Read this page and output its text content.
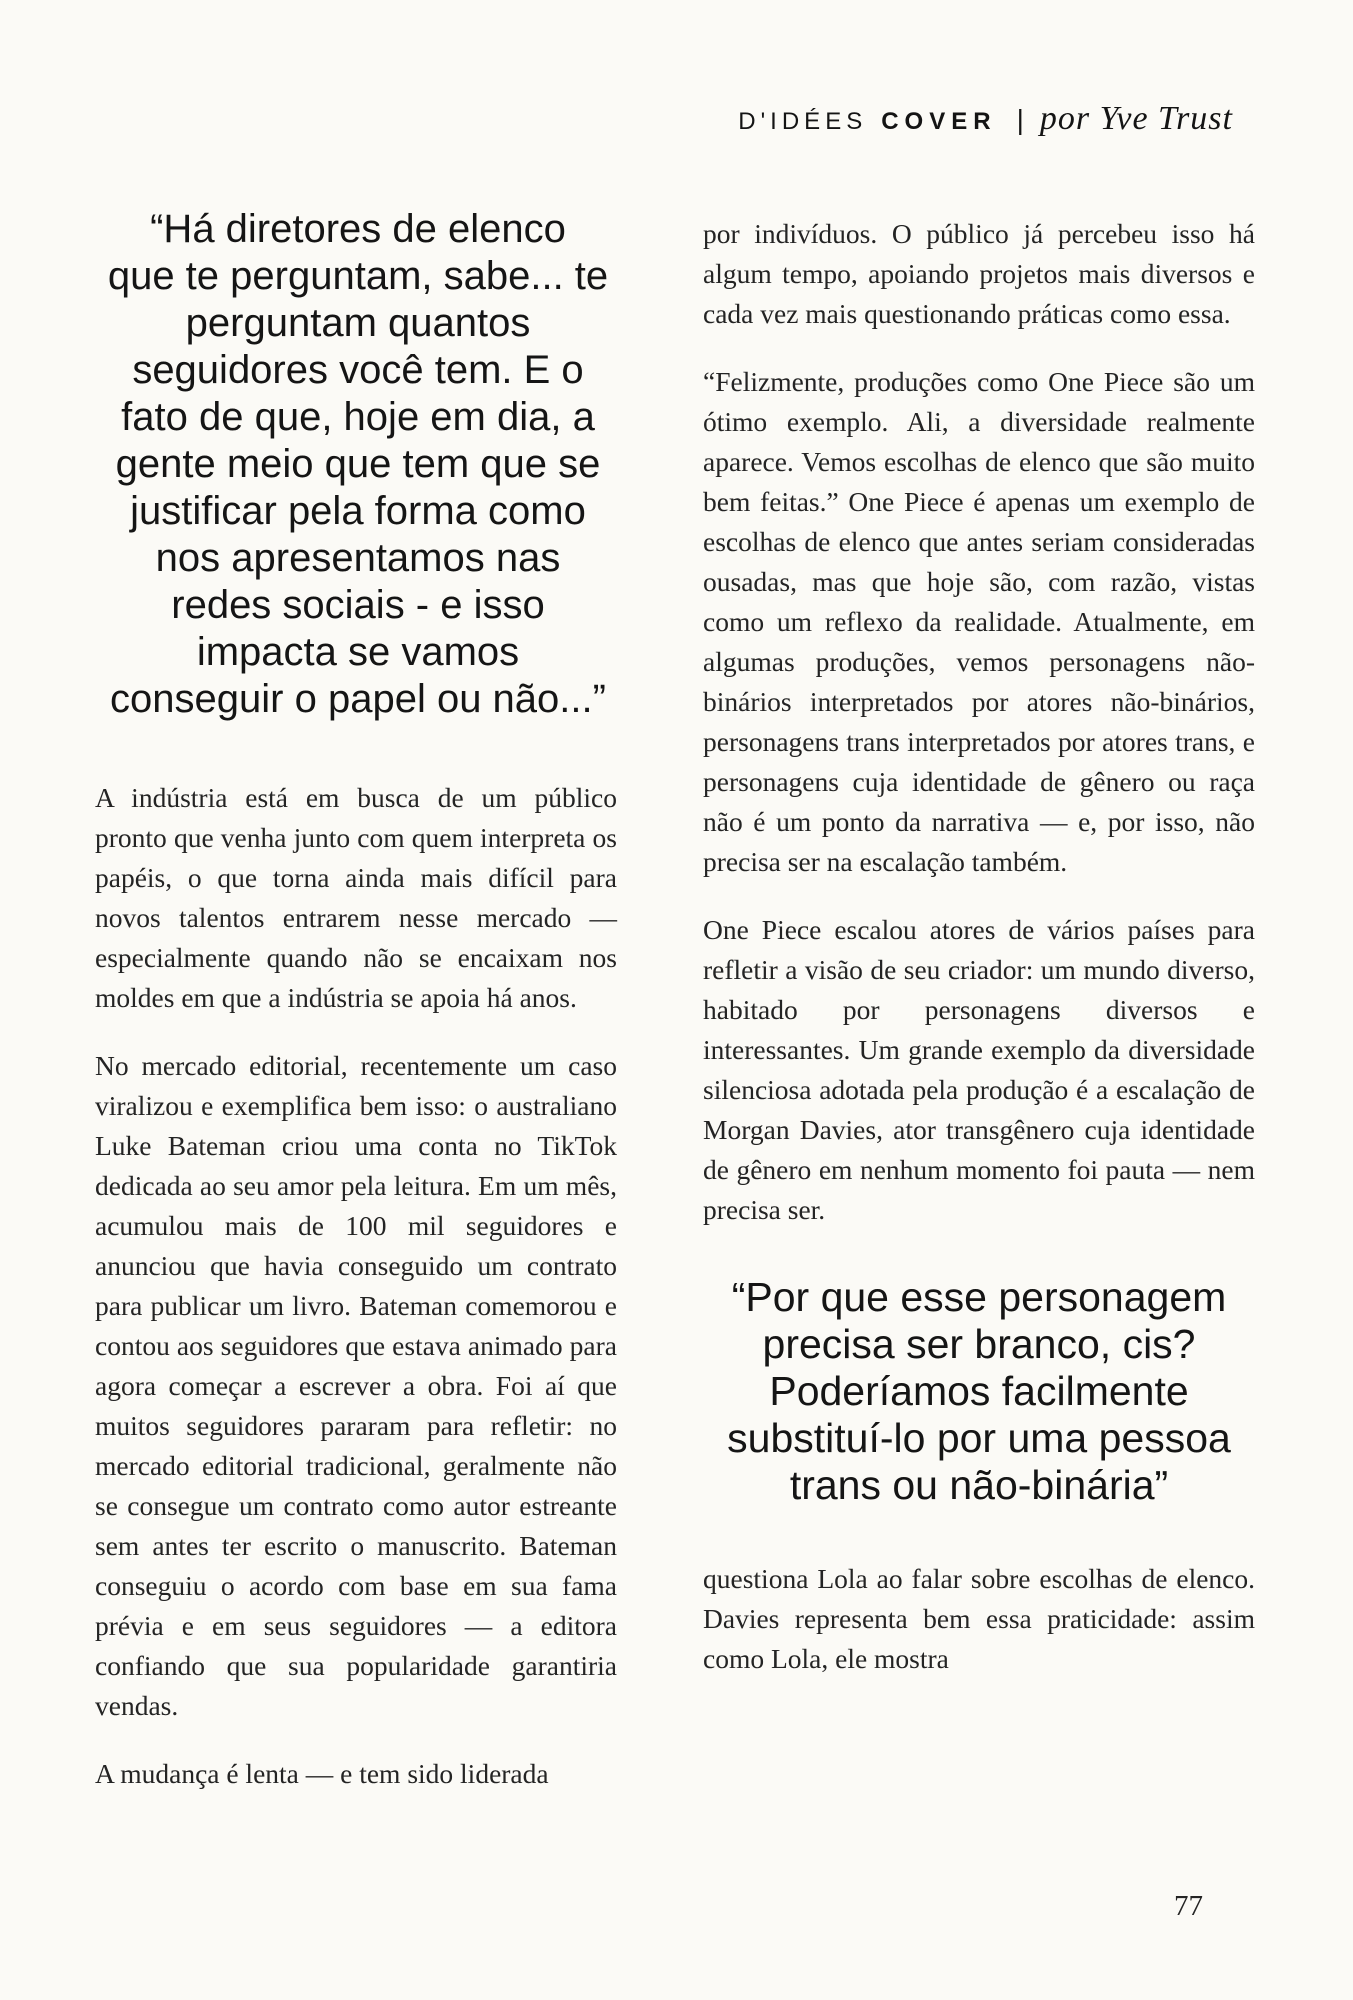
D'IDÉES COVER | por Yve Trust
“Há diretores de elenco
que te perguntam, sabe... te
perguntam quantos
seguidores você tem. E o
fato de que, hoje em dia, a
gente meio que tem que se
justificar pela forma como
nos apresentamos nas
redes sociais - e isso
impacta se vamos
conseguir o papel ou não...”

A indústria está em busca de um público pronto que venha junto com quem interpreta os papéis, o que torna ainda mais difícil para novos talentos entrarem nesse mercado — especialmente quando não se encaixam nos moldes em que a indústria se apoia há anos.

No mercado editorial, recentemente um caso viralizou e exemplifica bem isso: o australiano Luke Bateman criou uma conta no TikTok dedicada ao seu amor pela leitura. Em um mês, acumulou mais de 100 mil seguidores e anunciou que havia conseguido um contrato para publicar um livro. Bateman comemorou e contou aos seguidores que estava animado para agora começar a escrever a obra. Foi aí que muitos seguidores pararam para refletir: no mercado editorial tradicional, geralmente não se consegue um contrato como autor estreante sem antes ter escrito o manuscrito. Bateman conseguiu o acordo com base em sua fama prévia e em seus seguidores — a editora confiando que sua popularidade garantiria vendas.

A mudança é lenta — e tem sido liderada

por indivíduos. O público já percebeu isso há algum tempo, apoiando projetos mais diversos e cada vez mais questionando práticas como essa.

“Felizmente, produções como One Piece são um ótimo exemplo. Ali, a diversidade realmente aparece. Vemos escolhas de elenco que são muito bem feitas.” One Piece é apenas um exemplo de escolhas de elenco que antes seriam consideradas ousadas, mas que hoje são, com razão, vistas como um reflexo da realidade. Atualmente, em algumas produções, vemos personagens não-binários interpretados por atores não-binários, personagens trans interpretados por atores trans, e personagens cuja identidade de gênero ou raça não é um ponto da narrativa — e, por isso, não precisa ser na escalação também.

One Piece escalou atores de vários países para refletir a visão de seu criador: um mundo diverso, habitado por personagens diversos e interessantes. Um grande exemplo da diversidade silenciosa adotada pela produção é a escalação de Morgan Davies, ator transgênero cuja identidade de gênero em nenhum momento foi pauta — nem precisa ser.

“Por que esse personagem
precisa ser branco, cis?
Poderíamos facilmente
substituí-lo por uma pessoa
trans ou não-binária”

questiona Lola ao falar sobre escolhas de elenco. Davies representa bem essa praticidade: assim como Lola, ele mostra

77
